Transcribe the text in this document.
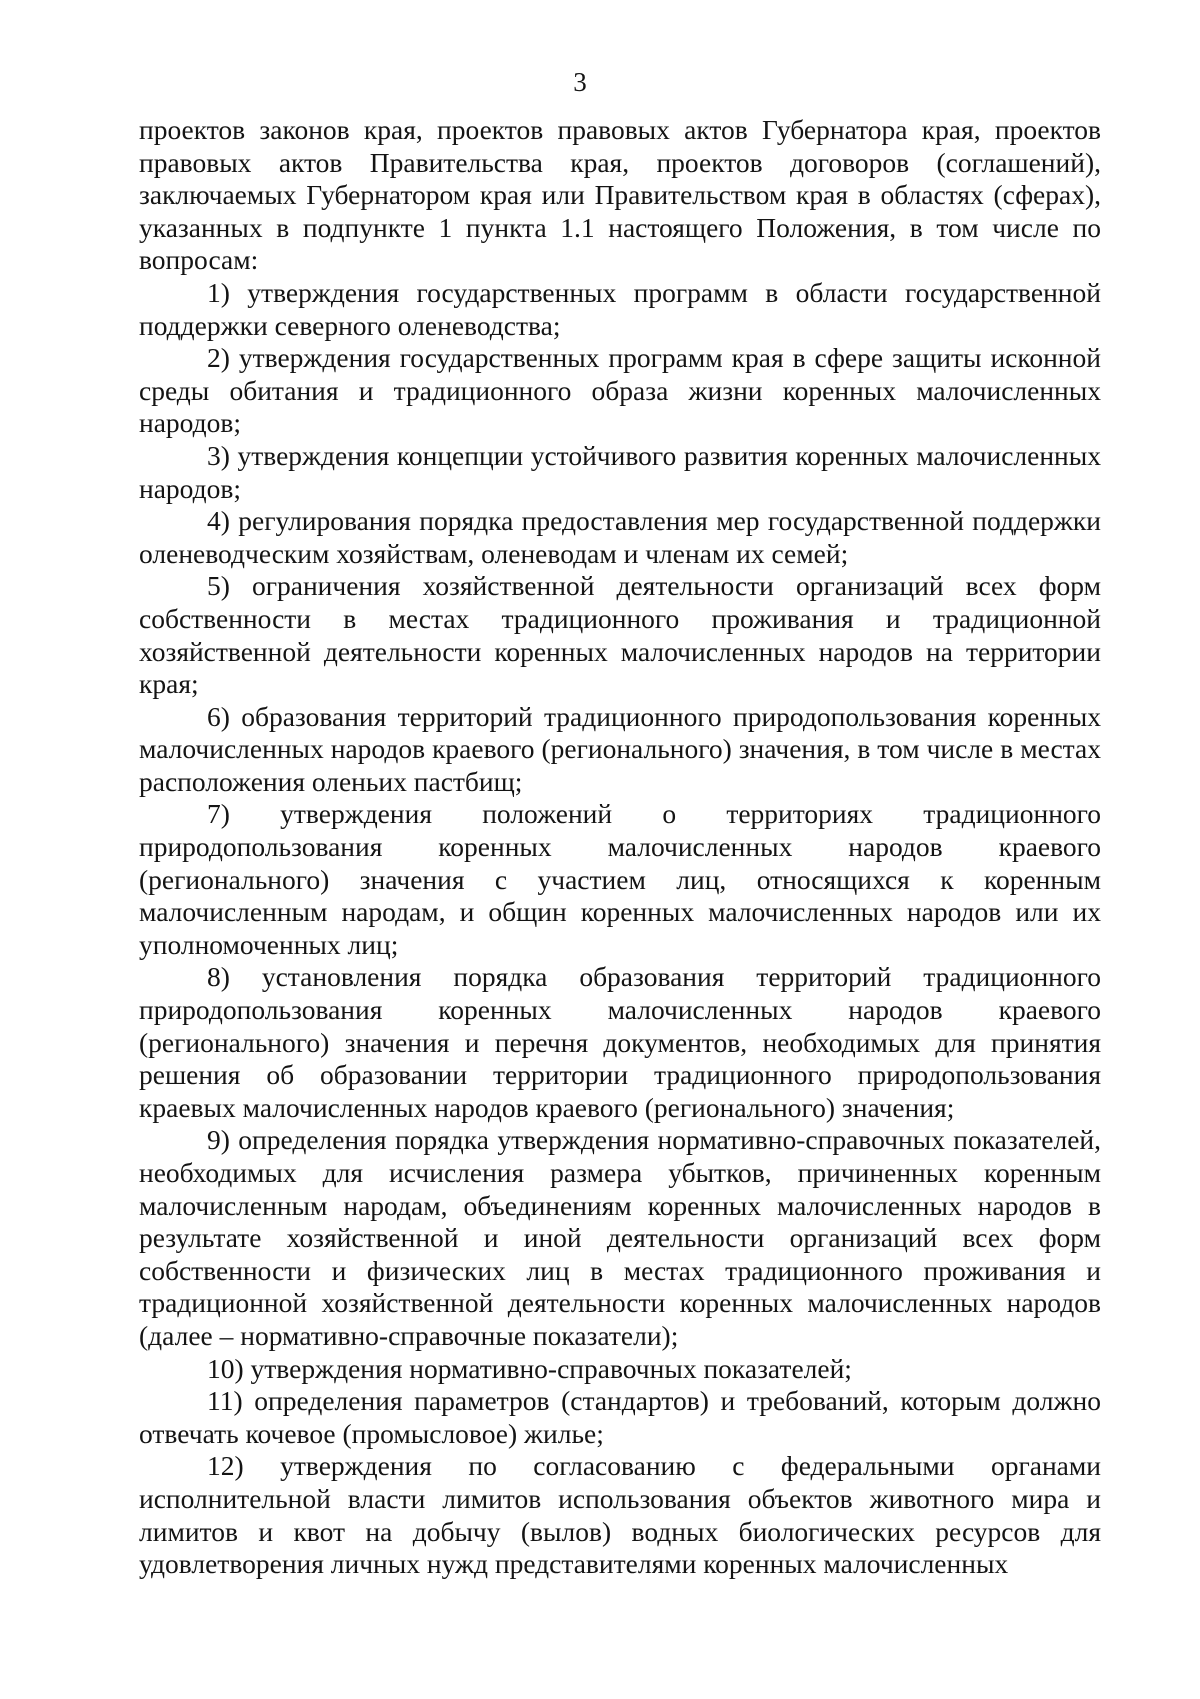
3

проектов законов края, проектов правовых актов Губернатора края, проектов правовых актов Правительства края, проектов договоров (соглашений), заключаемых Губернатором края или Правительством края в областях (сферах), указанных в подпункте 1 пункта 1.1 настоящего Положения, в том числе по вопросам:

1) утверждения государственных программ в области государственной поддержки северного оленеводства;

2) утверждения государственных программ края в сфере защиты исконной среды обитания и традиционного образа жизни коренных малочисленных народов;

3) утверждения концепции устойчивого развития коренных малочисленных народов;

4) регулирования порядка предоставления мер государственной поддержки оленеводческим хозяйствам, оленеводам и членам их семей;

5) ограничения хозяйственной деятельности организаций всех форм собственности в местах традиционного проживания и традиционной хозяйственной деятельности коренных малочисленных народов на территории края;

6) образования территорий традиционного природопользования коренных малочисленных народов краевого (регионального) значения, в том числе в местах расположения оленьих пастбищ;

7) утверждения положений о территориях традиционного природопользования коренных малочисленных народов краевого (регионального) значения с участием лиц, относящихся к коренным малочисленным народам, и общин коренных малочисленных народов или их уполномоченных лиц;

8) установления порядка образования территорий традиционного природопользования коренных малочисленных народов краевого (регионального) значения и перечня документов, необходимых для принятия решения об образовании территории традиционного природопользования краевых малочисленных народов краевого (регионального) значения;

9) определения порядка утверждения нормативно-справочных показателей, необходимых для исчисления размера убытков, причиненных коренным малочисленным народам, объединениям коренных малочисленных народов в результате хозяйственной и иной деятельности организаций всех форм собственности и физических лиц в местах традиционного проживания и традиционной хозяйственной деятельности коренных малочисленных народов (далее – нормативно-справочные показатели);

10) утверждения нормативно-справочных показателей;

11) определения параметров (стандартов) и требований, которым должно отвечать кочевое (промысловое) жилье;

12) утверждения по согласованию с федеральными органами исполнительной власти лимитов использования объектов животного мира и лимитов и квот на добычу (вылов) водных биологических ресурсов для удовлетворения личных нужд представителями коренных малочисленных
